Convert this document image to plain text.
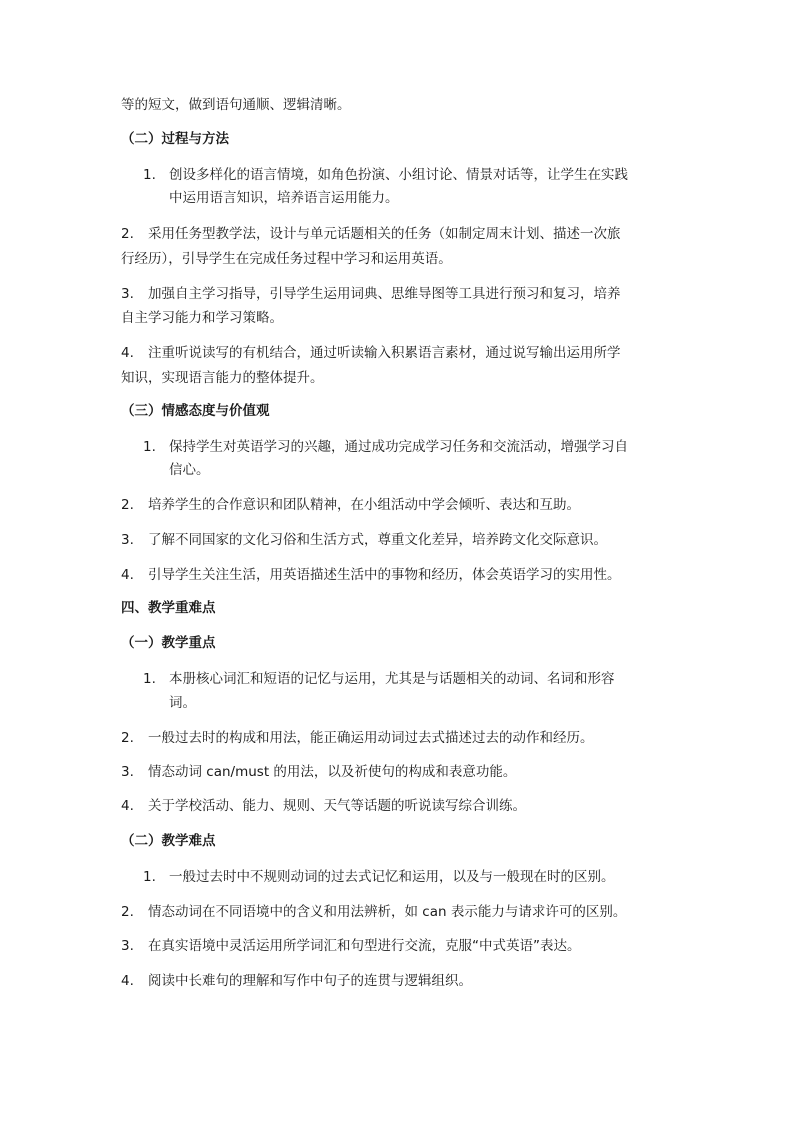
等的短文，做到语句通顺、逻辑清晰。
（二）过程与方法
1. 创设多样化的语言情境，如角色扮演、小组讨论、情景对话等，让学生在实践
中运用语言知识，培养语言运用能力。
2. 采用任务型教学法，设计与单元话题相关的任务（如制定周末计划、描述一次旅
行经历），引导学生在完成任务过程中学习和运用英语。
3. 加强自主学习指导，引导学生运用词典、思维导图等工具进行预习和复习，培养
自主学习能力和学习策略。
4. 注重听说读写的有机结合，通过听读输入积累语言素材，通过说写输出运用所学
知识，实现语言能力的整体提升。
（三）情感态度与价值观
1. 保持学生对英语学习的兴趣，通过成功完成学习任务和交流活动，增强学习自
信心。
2. 培养学生的合作意识和团队精神，在小组活动中学会倾听、表达和互助。
3. 了解不同国家的文化习俗和生活方式，尊重文化差异，培养跨文化交际意识。
4. 引导学生关注生活，用英语描述生活中的事物和经历，体会英语学习的实用性。
四、教学重难点
（一）教学重点
1. 本册核心词汇和短语的记忆与运用，尤其是与话题相关的动词、名词和形容
词。
2. 一般过去时的构成和用法，能正确运用动词过去式描述过去的动作和经历。
3. 情态动词 can/must 的用法，以及祈使句的构成和表意功能。
4. 关于学校活动、能力、规则、天气等话题的听说读写综合训练。
（二）教学难点
1. 一般过去时中不规则动词的过去式记忆和运用，以及与一般现在时的区别。
2. 情态动词在不同语境中的含义和用法辨析，如 can 表示能力与请求许可的区别。
3. 在真实语境中灵活运用所学词汇和句型进行交流，克服“中式英语”表达。
4. 阅读中长难句的理解和写作中句子的连贯与逻辑组织。
